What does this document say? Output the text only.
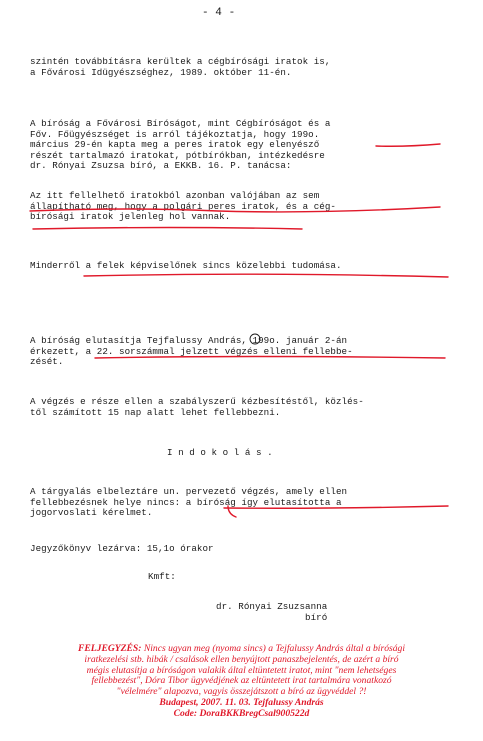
- 4 -
szintén továbbításra kerültek a cégbírósági iratok is,
a Fővárosi Idügyészséghez, 1989. október 11-én.
A bíróság a Fővárosi Bíróságot, mint Cégbíróságot és a
Főv. Főügyészséget is arról tájékoztatja, hogy 199o.
március 29-én kapta meg a peres iratok egy elenyésző
részét tartalmazó iratokat, pótbírókban, intézkedésre
dr. Rónyai Zsuzsa bíró, a EKKB. 16. P. tanácsa:
Az itt fellelhető iratokból azonban valójában az sem
állapítható meg, hogy a polgári peres iratok, és a cég-
bírósági iratok jelenleg hol vannak.
Minderről a felek képviselőnek sincs közelebbi tudomása.
A bíróság elutasítja Tejfalussy András, 199o. január 2-án
érkezett, a 22. sorszámmal jelzett végzés elleni fellebbe-
zését.
A végzés e része ellen a szabályszerű kézbesítéstől, közlés-
től számított 15 nap alatt lehet fellebbezni.
I n d o k o l á s .
A tárgyalás elbeleztáre un. pervezető végzés, amely ellen
fellebbezésnek helye nincs: a bíróság így elutasította a
jogorvoslati kérelmet.
Jegyzőkönyv lezárva: 15,1o órakor
Kmft:
dr. Rónyai Zsuzsanna
bíró
FELJEGYZÉS: Nincs ugyan meg (nyoma sincs) a Tejfalussy András által a bírósági
iratkezelési stb. hibák / csalások ellen benyújtott panaszbejelentés, de azért a bíró
mégis elutasítja a bíróságon valakik által eltüntetett iratot, mint "nem lehetséges
fellebbezést", Dóra Tibor ügyvédjének az eltüntetett irat tartalmára vonatkozó
"vélelmére" alapozva, vagyis összejátszott a bíró az ügyvéddel ?!
Budapest, 2007. 11. 03. Tejfalussy András
Code: DoraBKKBregCsal900522d
